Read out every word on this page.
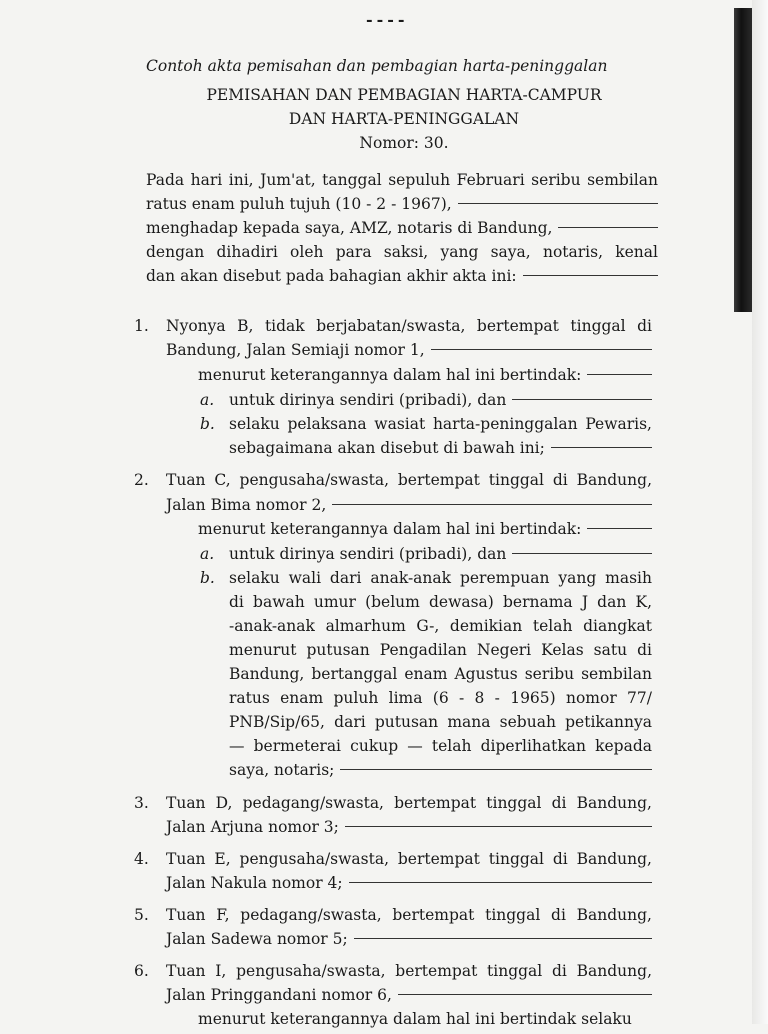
----
Contoh akta pemisahan dan pembagian harta-peninggalan
PEMISAHAN DAN PEMBAGIAN HARTA-CAMPUR
DAN HARTA-PENINGGALAN
Nomor: 30.
Pada hari ini, Jum'at, tanggal sepuluh Februari seribu sembilan
ratus enam puluh tujuh (10 - 2 - 1967),
menghadap kepada saya, AMZ, notaris di Bandung,
dengan dihadiri oleh para saksi, yang saya, notaris, kenal
dan akan disebut pada bahagian akhir akta ini:
1. Nyonya B, tidak berjabatan/swasta, bertempat tinggal di
Bandung, Jalan Semiaji nomor 1,
menurut keterangannya dalam hal ini bertindak:
a. untuk dirinya sendiri (pribadi), dan
b. selaku pelaksana wasiat harta-peninggalan Pewaris,
sebagaimana akan disebut di bawah ini;
2. Tuan C, pengusaha/swasta, bertempat tinggal di Bandung,
Jalan Bima nomor 2,
menurut keterangannya dalam hal ini bertindak:
a. untuk dirinya sendiri (pribadi), dan
b. selaku wali dari anak-anak perempuan yang masih
di bawah umur (belum dewasa) bernama J dan K,
-anak-anak almarhum G-, demikian telah diangkat
menurut putusan Pengadilan Negeri Kelas satu di
Bandung, bertanggal enam Agustus seribu sembilan
ratus enam puluh lima (6 - 8 - 1965) nomor 77/
PNB/Sip/65, dari putusan mana sebuah petikannya
— bermeterai cukup — telah diperlihatkan kepada
saya, notaris;
3. Tuan D, pedagang/swasta, bertempat tinggal di Bandung,
Jalan Arjuna nomor 3;
4. Tuan E, pengusaha/swasta, bertempat tinggal di Bandung,
Jalan Nakula nomor 4;
5. Tuan F, pedagang/swasta, bertempat tinggal di Bandung,
Jalan Sadewa nomor 5;
6. Tuan I, pengusaha/swasta, bertempat tinggal di Bandung,
Jalan Pringgandani nomor 6,
menurut keterangannya dalam hal ini bertindak selaku
